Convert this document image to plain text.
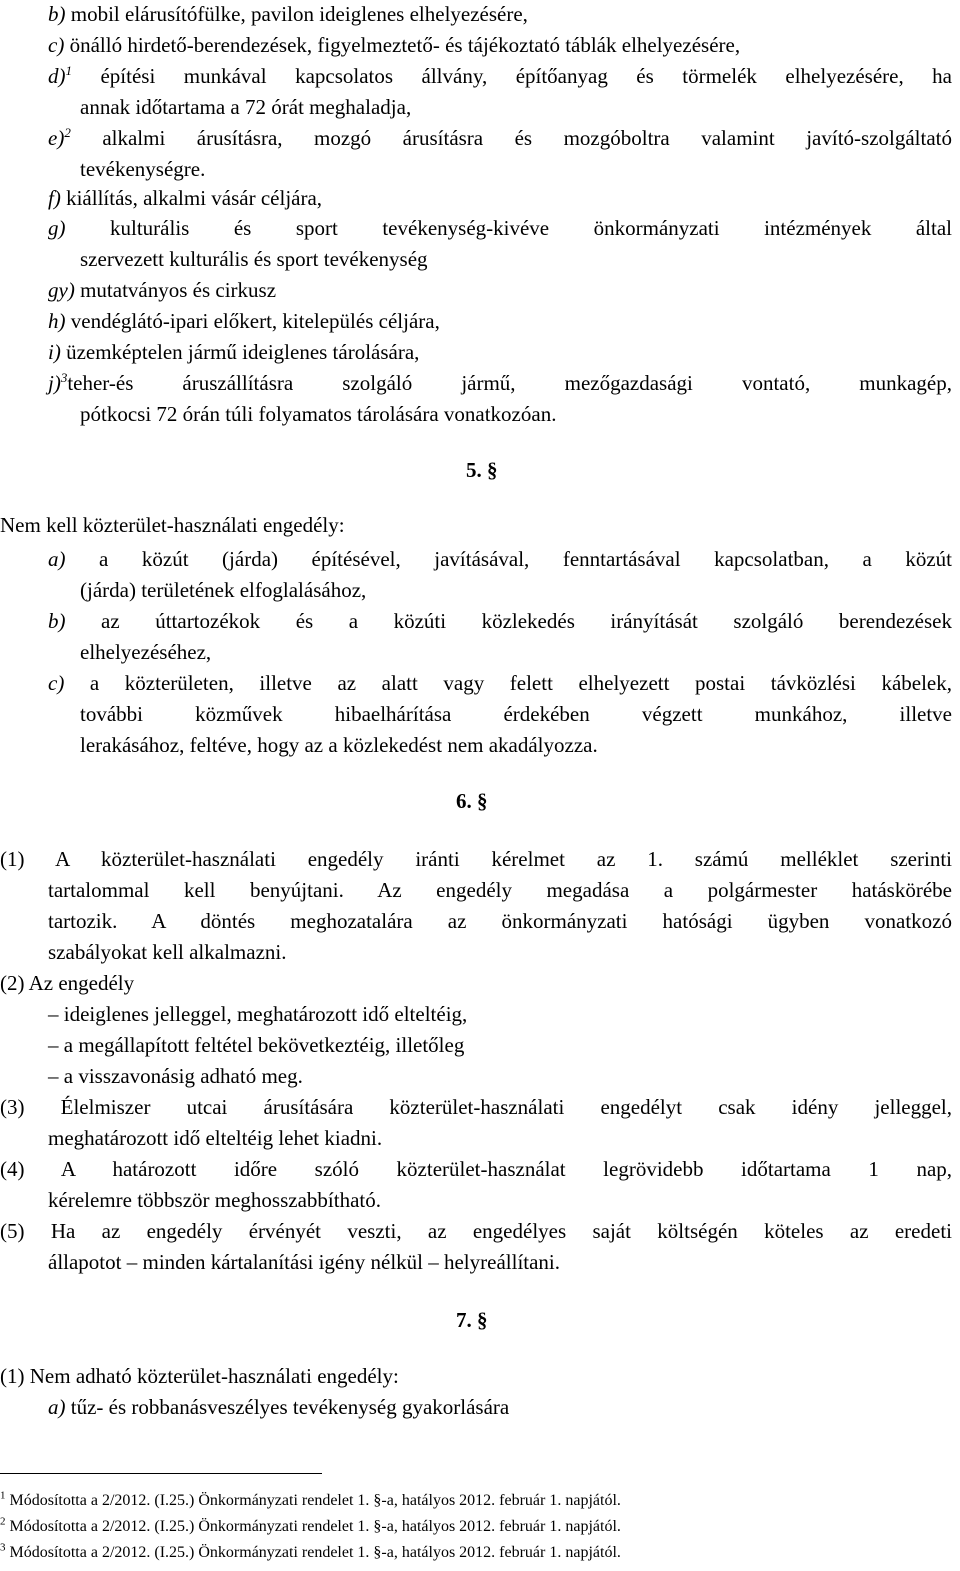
b) mobil elárusítófülke, pavilon ideiglenes elhelyezésére,
c) önálló hirdető-berendezések, figyelmeztető- és tájékoztató táblák elhelyezésére,
d)$^1$ építési munkával kapcsolatos állvány, építőanyag és törmelék elhelyezésére, ha
annak időtartama a 72 órát meghaladja,
e)$^2$ alkalmi árusításra, mozgó árusításra és mozgóboltra valamint javító-szolgáltató
tevékenységre.
f) kiállítás, alkalmi vásár céljára,
g) kulturális és sport tevékenység-kivéve önkormányzati intézmények által
szervezett kulturális és sport tevékenység
gy) mutatványos és cirkusz
h) vendéglátó-ipari előkert, kitelepülés céljára,
i) üzemképtelen jármű ideiglenes tárolására,
j)$^3$teher-és áruszállításra szolgáló jármű, mezőgazdasági vontató, munkagép,
pótkocsi 72 órán túli folyamatos tárolására vonatkozóan.
5. §
Nem kell közterület-használati engedély:
a) a közút (járda) építésével, javításával, fenntartásával kapcsolatban, a közút
(járda) területének elfoglalásához,
b) az úttartozékok és a közúti közlekedés irányítását szolgáló berendezések
elhelyezéséhez,
c) a közterületen, illetve az alatt vagy felett elhelyezett postai távközlési kábelek,
további közművek hibaelhárítása érdekében végzett munkához, illetve
lerakásához, feltéve, hogy az a közlekedést nem akadályozza.
6. §
(1) A közterület-használati engedély iránti kérelmet az 1. számú melléklet szerinti
tartalommal kell benyújtani. Az engedély megadása a polgármester hatáskörébe
tartozik. A döntés meghozatalára az önkormányzati hatósági ügyben vonatkozó
szabályokat kell alkalmazni.
(2) Az engedély
– ideiglenes jelleggel, meghatározott idő elteltéig,
– a megállapított feltétel bekövetkeztéig, illetőleg
– a visszavonásig adható meg.
(3) Élelmiszer utcai árusítására közterület-használati engedélyt csak idény jelleggel,
meghatározott idő elteltéig lehet kiadni.
(4) A határozott időre szóló közterület-használat legrövidebb időtartama 1 nap,
kérelemre többször meghosszabbítható.
(5) Ha az engedély érvényét veszti, az engedélyes saját költségén köteles az eredeti
állapotot – minden kártalanítási igény nélkül – helyreállítani.
7. §
(1) Nem adható közterület-használati engedély:
a) tűz- és robbanásveszélyes tevékenység gyakorlására
$^1$ Módosította a 2/2012. (I.25.) Önkormányzati rendelet 1. §-a, hatályos 2012. február 1. napjától.
$^2$ Módosította a 2/2012. (I.25.) Önkormányzati rendelet 1. §-a, hatályos 2012. február 1. napjától.
$^3$ Módosította a 2/2012. (I.25.) Önkormányzati rendelet 1. §-a, hatályos 2012. február 1. napjától.
